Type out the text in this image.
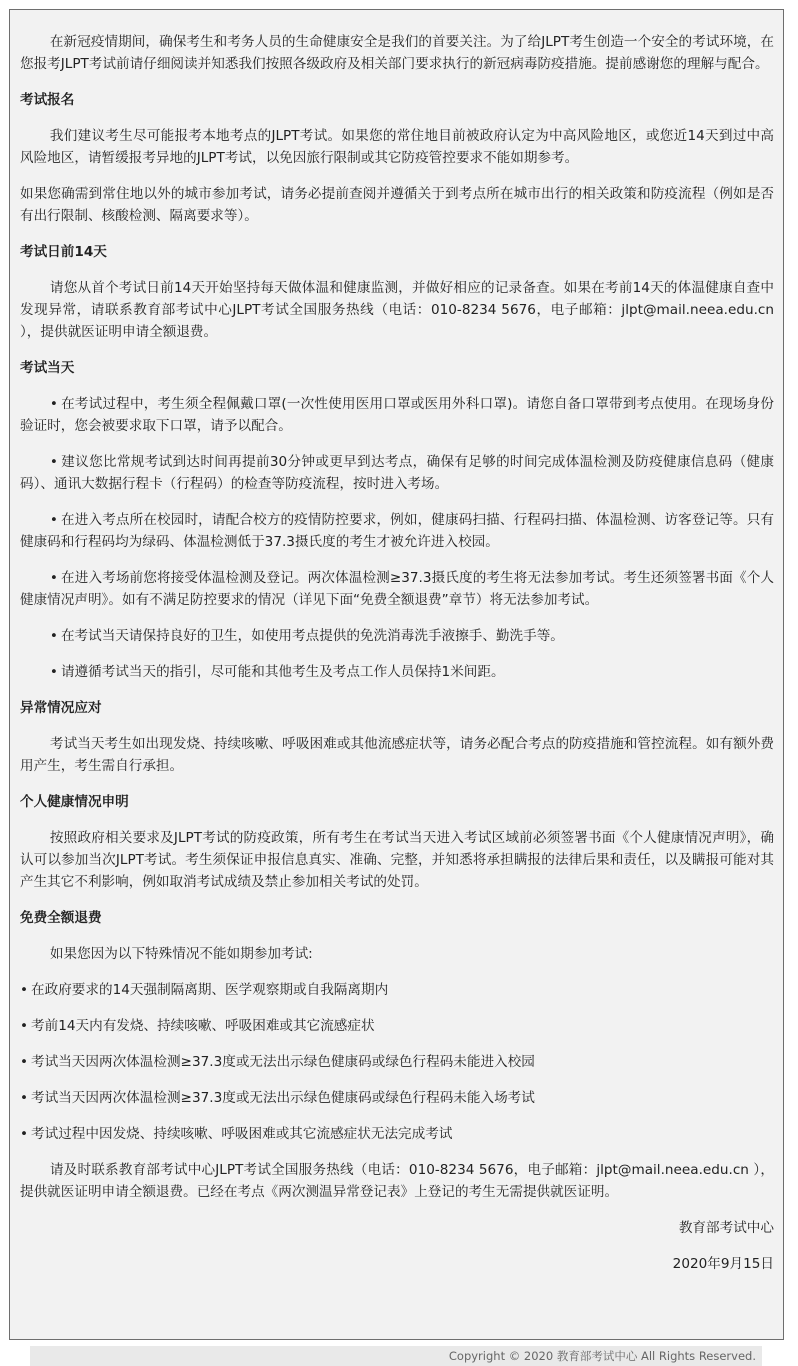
在新冠疫情期间，确保考生和考务人员的生命健康安全是我们的首要关注。为了给JLPT考生创造一个安全的考试环境，在您报考JLPT考试前请仔细阅读并知悉我们按照各级政府及相关部门要求执行的新冠病毒防疫措施。提前感谢您的理解与配合。

考试报名

我们建议考生尽可能报考本地考点的JLPT考试。如果您的常住地目前被政府认定为中高风险地区，或您近14天到过中高风险地区，请暂缓报考异地的JLPT考试，以免因旅行限制或其它防疫管控要求不能如期参考。

如果您确需到常住地以外的城市参加考试，请务必提前查阅并遵循关于到考点所在城市出行的相关政策和防疫流程（例如是否有出行限制、核酸检测、隔离要求等）。

考试日前14天

请您从首个考试日前14天开始坚持每天做体温和健康监测，并做好相应的记录备查。如果在考前14天的体温健康自查中发现异常，请联系教育部考试中心JLPT考试全国服务热线（电话：010-8234 5676，电子邮箱：jlpt@mail.neea.edu.cn ），提供就医证明申请全额退费。

考试当天

• 在考试过程中，考生须全程佩戴口罩(一次性使用医用口罩或医用外科口罩)。请您自备口罩带到考点使用。在现场身份验证时，您会被要求取下口罩，请予以配合。

• 建议您比常规考试到达时间再提前30分钟或更早到达考点，确保有足够的时间完成体温检测及防疫健康信息码（健康码）、通讯大数据行程卡（行程码）的检查等防疫流程，按时进入考场。

• 在进入考点所在校园时，请配合校方的疫情防控要求，例如，健康码扫描、行程码扫描、体温检测、访客登记等。只有健康码和行程码均为绿码、体温检测低于37.3摄氏度的考生才被允许进入校园。

• 在进入考场前您将接受体温检测及登记。两次体温检测≥37.3摄氏度的考生将无法参加考试。考生还须签署书面《个人健康情况声明》。如有不满足防控要求的情况（详见下面“免费全额退费”章节）将无法参加考试。

• 在考试当天请保持良好的卫生，如使用考点提供的免洗消毒洗手液擦手、勤洗手等。

• 请遵循考试当天的指引，尽可能和其他考生及考点工作人员保持1米间距。

异常情况应对

考试当天考生如出现发烧、持续咳嗽、呼吸困难或其他流感症状等，请务必配合考点的防疫措施和管控流程。如有额外费用产生，考生需自行承担。

个人健康情况申明

按照政府相关要求及JLPT考试的防疫政策，所有考生在考试当天进入考试区域前必须签署书面《个人健康情况声明》，确认可以参加当次JLPT考试。考生须保证申报信息真实、准确、完整，并知悉将承担瞒报的法律后果和责任，以及瞒报可能对其产生其它不利影响，例如取消考试成绩及禁止参加相关考试的处罚。

免费全额退费

如果您因为以下特殊情况不能如期参加考试:

• 在政府要求的14天强制隔离期、医学观察期或自我隔离期内

• 考前14天内有发烧、持续咳嗽、呼吸困难或其它流感症状

• 考试当天因两次体温检测≥37.3度或无法出示绿色健康码或绿色行程码未能进入校园

• 考试当天因两次体温检测≥37.3度或无法出示绿色健康码或绿色行程码未能入场考试

• 考试过程中因发烧、持续咳嗽、呼吸困难或其它流感症状无法完成考试

请及时联系教育部考试中心JLPT考试全国服务热线（电话：010-8234 5676，电子邮箱：jlpt@mail.neea.edu.cn ），提供就医证明申请全额退费。已经在考点《两次测温异常登记表》上登记的考生无需提供就医证明。

教育部考试中心

2020年9月15日

Copyright © 2020 教育部考试中心 All Rights Reserved.
